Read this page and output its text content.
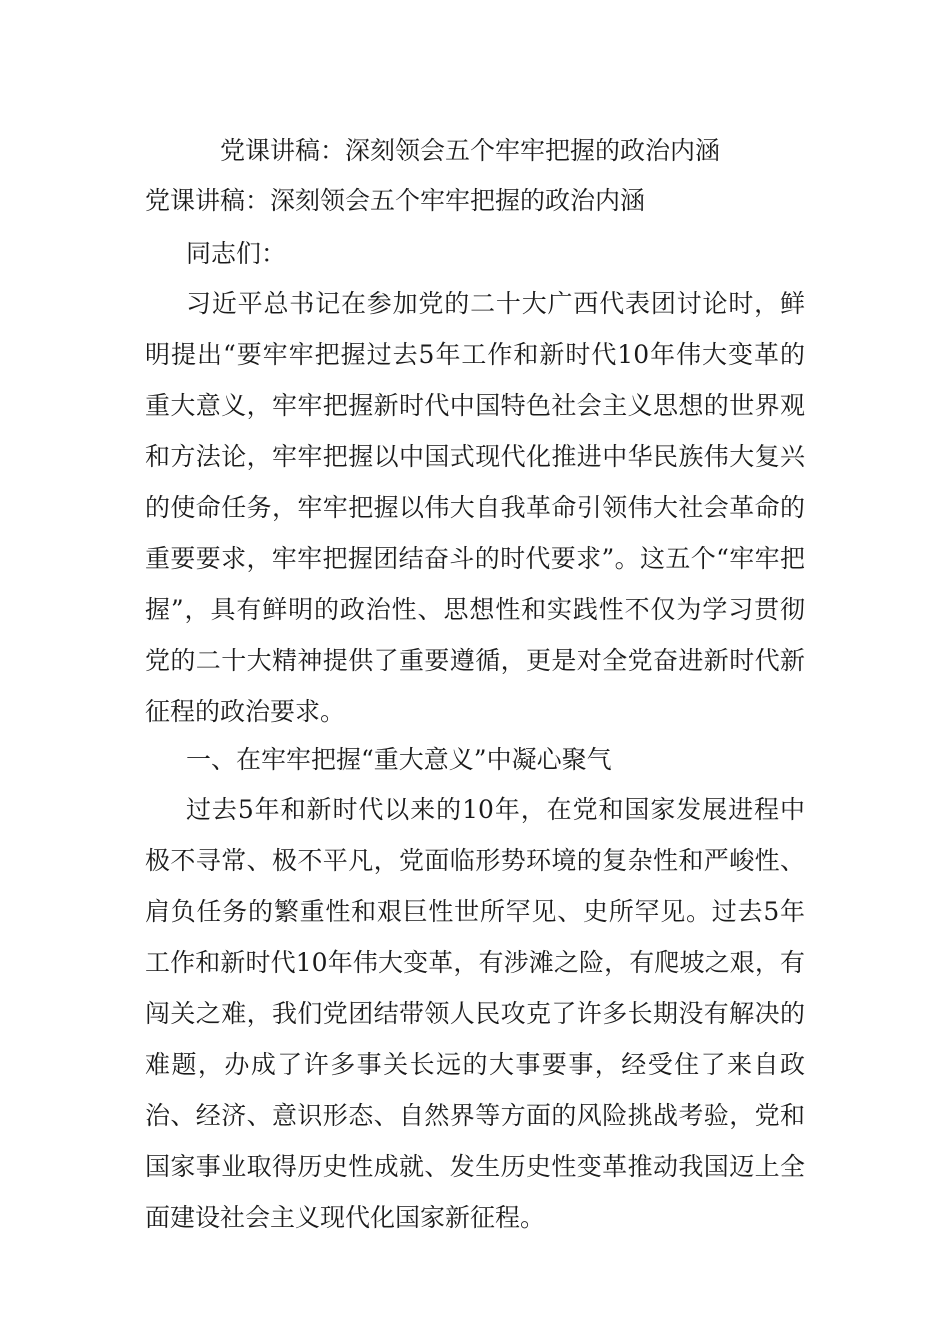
党课讲稿：深刻领会五个牢牢把握的政治内涵
党课讲稿：深刻领会五个牢牢把握的政治内涵

同志们：

习近平总书记在参加党的二十大广西代表团讨论时，鲜明提出“要牢牢把握过去5年工作和新时代10年伟大变革的重大意义，牢牢把握新时代中国特色社会主义思想的世界观和方法论，牢牢把握以中国式现代化推进中华民族伟大复兴的使命任务，牢牢把握以伟大自我革命引领伟大社会革命的重要要求，牢牢把握团结奋斗的时代要求”。这五个“牢牢把握”，具有鲜明的政治性、思想性和实践性不仅为学习贯彻党的二十大精神提供了重要遵循，更是对全党奋进新时代新征程的政治要求。

一、在牢牢把握“重大意义”中凝心聚气

过去5年和新时代以来的10年，在党和国家发展进程中极不寻常、极不平凡，党面临形势环境的复杂性和严峻性、肩负任务的繁重性和艰巨性世所罕见、史所罕见。过去5年工作和新时代10年伟大变革，有涉滩之险，有爬坡之艰，有闯关之难，我们党团结带领人民攻克了许多长期没有解决的难题，办成了许多事关长远的大事要事，经受住了来自政治、经济、意识形态、自然界等方面的风险挑战考验，党和国家事业取得历史性成就、发生历史性变革推动我国迈上全面建设社会主义现代化国家新征程。
